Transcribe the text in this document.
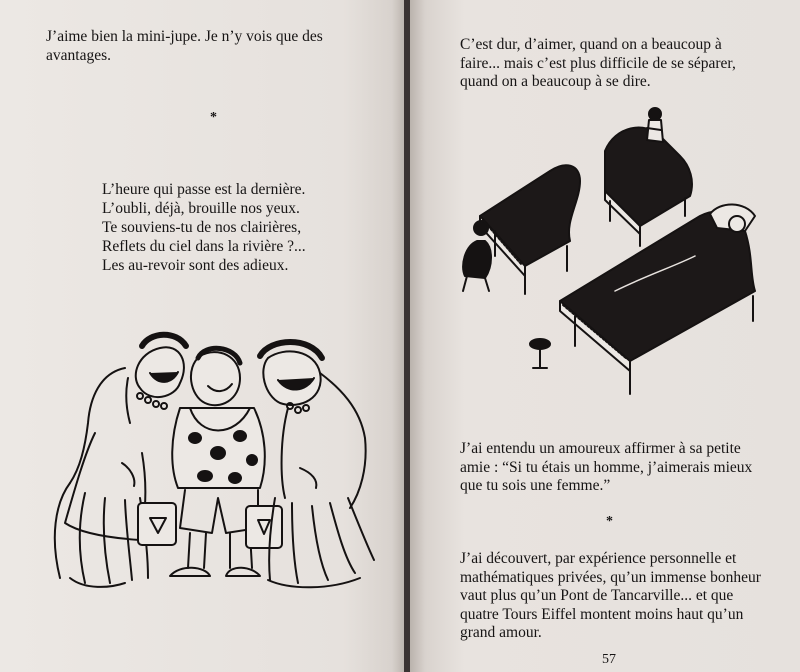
J’aime bien la mini-jupe. Je n’y vois que des
avantages.
*
L’heure qui passe est la dernière.
L’oubli, déjà, brouille nos yeux.
Te souviens-tu de nos clairières,
Reflets du ciel dans la rivière ?...
Les au-revoir sont des adieux.
C’est dur, d’aimer, quand on a beaucoup à
faire... mais c’est plus difficile de se séparer,
quand on a beaucoup à se dire.
J’ai entendu un amoureux affirmer à sa petite
amie : “Si tu étais un homme, j’aimerais mieux
que tu sois une femme.”
*
J’ai découvert, par expérience personnelle et
mathématiques privées, qu’un immense bonheur
vaut plus qu’un Pont de Tancarville... et que
quatre Tours Eiffel montent moins haut qu’un
grand amour.
57
